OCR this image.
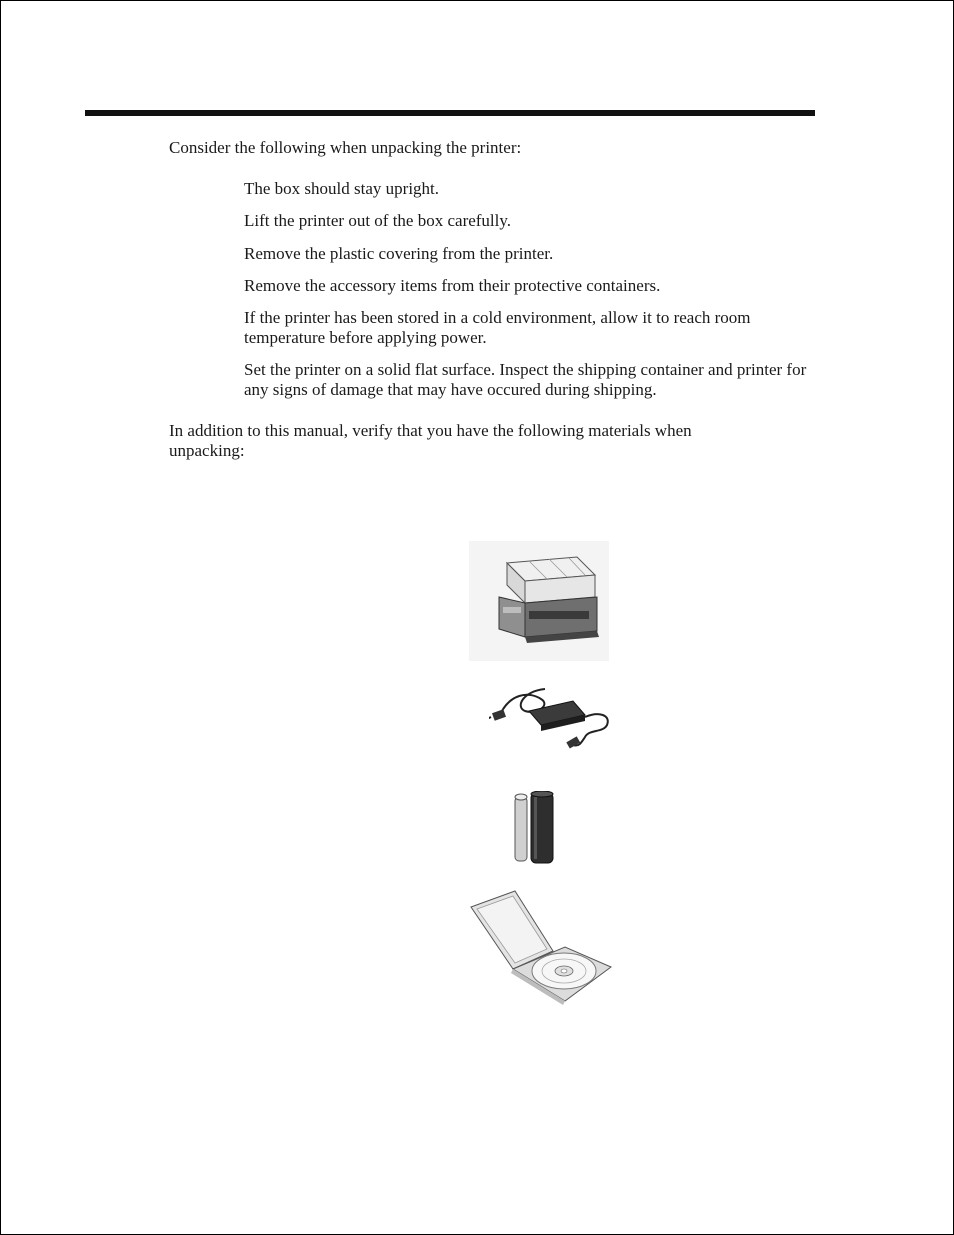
Consider the following when unpacking the printer:

The box should stay upright.
Lift the printer out of the box carefully.
Remove the plastic covering from the printer.
Remove the accessory items from their protective containers.
If the printer has been stored in a cold environment, allow it to reach room temperature before applying power.
Set the printer on a solid flat surface. Inspect the shipping container and printer for any signs of damage that may have occured during shipping.

In addition to this manual, verify that you have the following materials when unpacking:
